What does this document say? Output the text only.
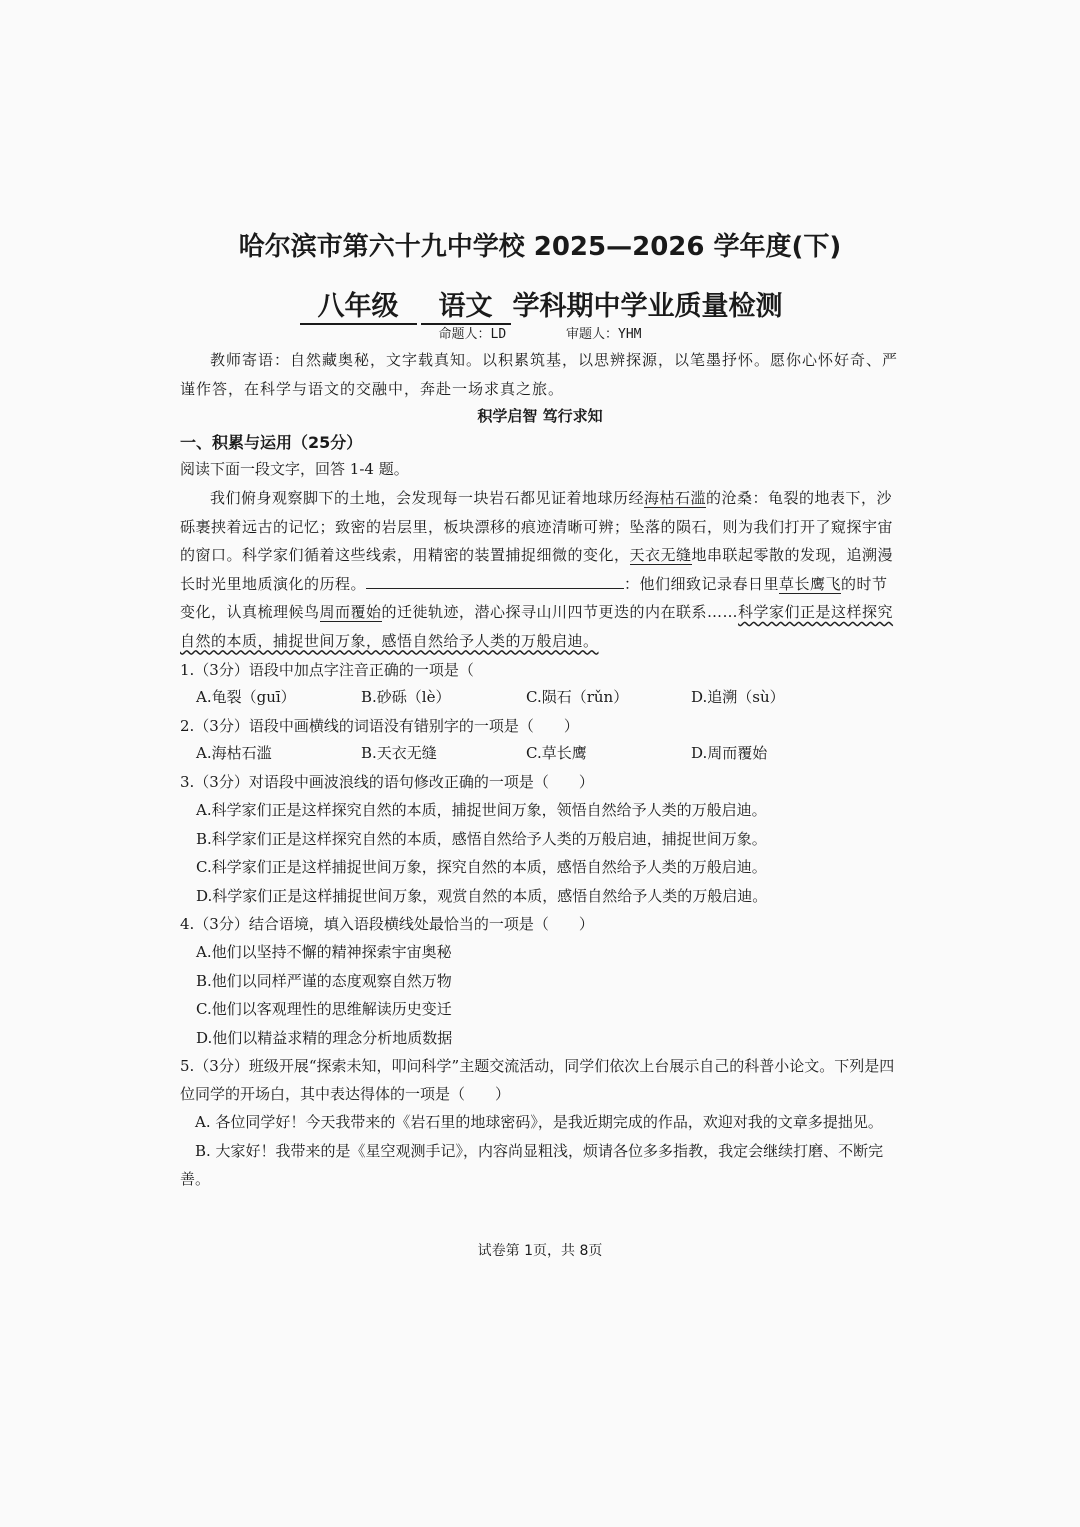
哈尔滨市第六十九中学校 2025—2026 学年度(下)
八年级 语文 学科期中学业质量检测
命题人：LD	审题人：YHM
教师寄语：自然藏奥秘，文字载真知。以积累筑基，以思辨探源，以笔墨抒怀。愿你心怀好奇、严谨作答，在科学与语文的交融中，奔赴一场求真之旅。
积学启智 笃行求知
一、积累与运用（25分）
阅读下面一段文字，回答 1-4 题。
我们俯身观察脚下的土地，会发现每一块岩石都见证着地球历经海枯石滥的沧桑：龟裂的地表下，沙砾裹挟着远古的记忆；致密的岩层里，板块漂移的痕迹清晰可辨；坠落的陨石，则为我们打开了窥探宇宙的窗口。科学家们循着这些线索，用精密的装置捕捉细微的变化，天衣无缝地串联起零散的发现，追溯漫长时光里地质演化的历程。	：他们细致记录春日里草长鹰飞的时节变化，认真梳理候鸟周而覆始的迁徙轨迹，潜心探寻山川四节更迭的内在联系……科学家们正是这样探究自然的本质，捕捉世间万象，感悟自然给予人类的万般启迪。
1.（3分）语段中加点字注音正确的一项是（
A.龟裂（guī）	B.砂砾（lè）	C.陨石（rǔn）	D.追溯（sù）
2.（3分）语段中画横线的词语没有错别字的一项是（　　）
A.海枯石滥	B.天衣无缝	C.草长鹰	D.周而覆始
3.（3分）对语段中画波浪线的语句修改正确的一项是（　　）
A.科学家们正是这样探究自然的本质，捕捉世间万象，领悟自然给予人类的万般启迪。
B.科学家们正是这样探究自然的本质，感悟自然给予人类的万般启迪，捕捉世间万象。
C.科学家们正是这样捕捉世间万象，探究自然的本质，感悟自然给予人类的万般启迪。
D.科学家们正是这样捕捉世间万象，观赏自然的本质，感悟自然给予人类的万般启迪。
4.（3分）结合语境，填入语段横线处最恰当的一项是（　　）
A.他们以坚持不懈的精神探索宇宙奥秘
B.他们以同样严谨的态度观察自然万物
C.他们以客观理性的思维解读历史变迁
D.他们以精益求精的理念分析地质数据
5.（3分）班级开展“探索未知，叩问科学”主题交流活动，同学们依次上台展示自己的科普小论文。下列是四位同学的开场白，其中表达得体的一项是（　　）
A. 各位同学好！今天我带来的《岩石里的地球密码》，是我近期完成的作品，欢迎对我的文章多提拙见。
B. 大家好！我带来的是《星空观测手记》，内容尚显粗浅，烦请各位多多指教，我定会继续打磨、不断完善。
试卷第 1页，共 8页
